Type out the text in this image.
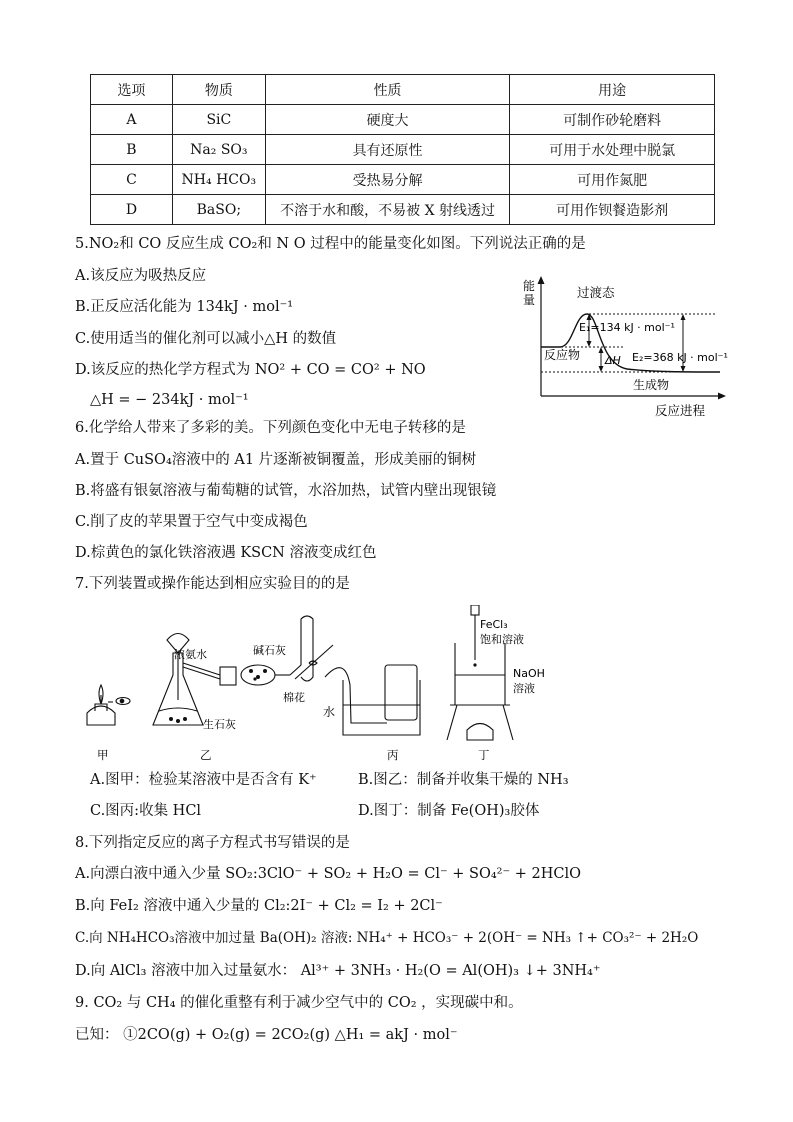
选项	物质	性质	用途
A	SiC	硬度大	可制作砂轮磨料
B	Na₂ SO₃	具有还原性	可用于水处理中脱氯
C	NH₄ HCO₃	受热易分解	可用作氮肥
D	BaSO;	不溶于水和酸，不易被 X 射线透过	可用作钡餐造影剂
5.NO₂和 CO 反应生成 CO₂和 N O 过程中的能量变化如图。下列说法正确的是
A.该反应为吸热反应
B.正反应活化能为 134kJ · mol⁻¹
C.使用适当的催化剂可以减小△H 的数值
D.该反应的热化学方程式为 NO² + CO = CO² + NO
△H = − 234kJ · mol⁻¹
能
量	过渡态
E₁=134 kJ · mol⁻¹
E₂=368 kJ · mol⁻¹
反应物 ΔH
生成物
反应进程
6.化学给人带来了多彩的美。下列颜色变化中无电子转移的是
A.置于 CuSO₄溶液中的 A1 片逐渐被铜覆盖，形成美丽的铜树
B.将盛有银氨溶液与葡萄糖的试管，水浴加热，试管内壁出现银镜
C.削了皮的苹果置于空气中变成褐色
D.棕黄色的氯化铁溶液遇 KSCN 溶液变成红色
7.下列装置或操作能达到相应实验目的的是
浓氨水	碱石灰
棉花
生石灰
水
FeCl₃
饱和溶液
NaOH
溶液
甲	乙	丙	丁
A.图甲：检验某溶液中是否含有 K⁺	B.图乙：制备并收集干燥的 NH₃
C.图丙:收集 HCl	D.图丁：制备 Fe(OH)₃胶体
8.下列指定反应的离子方程式书写错误的是
A.向漂白液中通入少量 SO₂:3ClO⁻ + SO₂ + H₂O = Cl⁻ + SO₄²⁻ + 2HClO
B.向 FeI₂ 溶液中通入少量的 Cl₂:2I⁻ + Cl₂ = I₂ + 2Cl⁻
C.向 NH₄HCO₃溶液中加过量 Ba(OH)₂ 溶液: NH₄⁺ + HCO₃⁻ + 2(OH⁻ = NH₃ ↑+ CO₃²⁻ + 2H₂O
D.向 AlCl₃ 溶液中加入过量氨水： Al³⁺ + 3NH₃ · H₂(O = Al(OH)₃ ↓+ 3NH₄⁺
9. CO₂ 与 CH₄ 的催化重整有利于减少空气中的 CO₂ ，实现碳中和。
已知： ①2CO(g) + O₂(g) = 2CO₂(g) △H₁ = akJ · mol⁻
